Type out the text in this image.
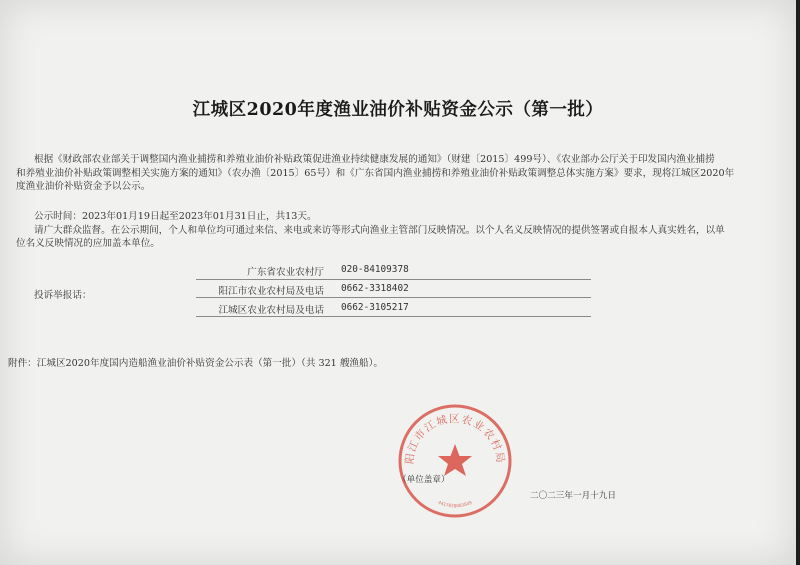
江城区2020年度渔业油价补贴资金公示（第一批）
根据《财政部农业部关于调整国内渔业捕捞和养殖业油价补贴政策促进渔业持续健康发展的通知》（财建〔2015〕499号）、《农业部办公厅关于印发国内渔业捕捞
和养殖业油价补贴政策调整相关实施方案的通知》（农办渔〔2015〕65号）和《广东省国内渔业捕捞和养殖业油价补贴政策调整总体实施方案》要求，现将江城区2020年
度渔业油价补贴资金予以公示。
公示时间：2023年01月19日起至2023年01月31日止，共13天。
请广大群众监督。在公示期间，个人和单位均可通过来信、来电或来访等形式向渔业主管部门反映情况。以个人名义反映情况的提供签署或自报本人真实姓名，以单
位名义反映情况的应加盖本单位。
广东省农业农村厅 020-84109378
投诉举报话：	阳江市农业农村局及电话 0662-3318402
江城区农业农村局及电话 0662-3105217
附件：江城区2020年度国内造船渔业油价补贴资金公示表（第一批）（共 321 艘渔船）。
阳江市江城区农业农村局
4417020003849
（单位盖章）
二〇二三年一月十九日
